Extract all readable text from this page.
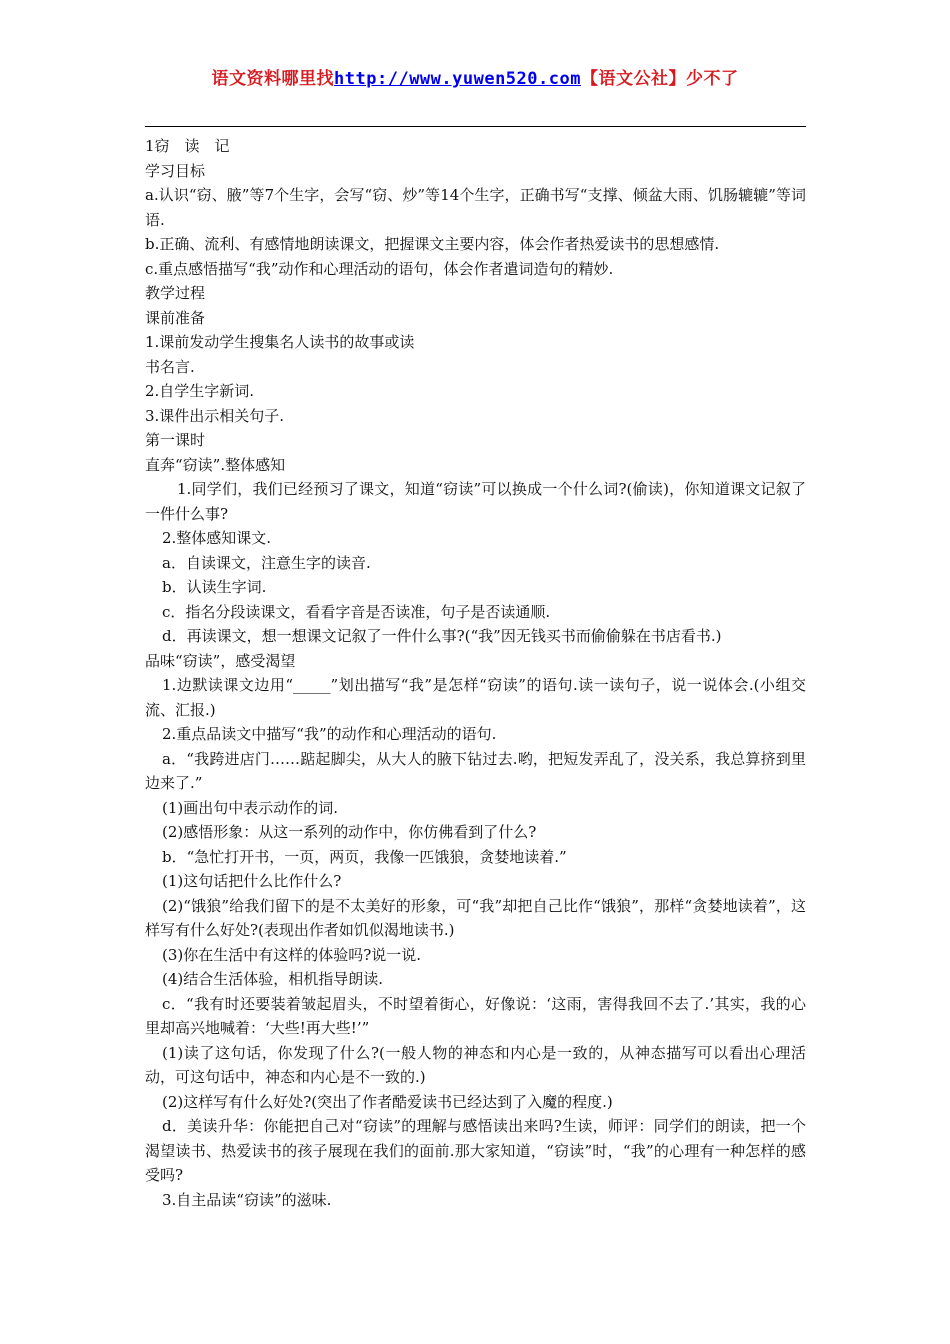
语文资料哪里找http://www.yuwen520.com【语文公社】少不了
1窃　读　记
学习目标
a.认识“窃、腋”等7个生字，会写“窃、炒”等14个生字，正确书写“支撑、倾盆大雨、饥肠辘辘”等词语.
b.正确、流利、有感情地朗读课文，把握课文主要内容，体会作者热爱读书的思想感情.
c.重点感悟描写“我”动作和心理活动的语句，体会作者遣词造句的精妙.
教学过程
课前准备
1.课前发动学生搜集名人读书的故事或读
书名言.
2.自学生字新词.
3.课件出示相关句子.
第一课时
直奔“窃读”.整体感知
1.同学们，我们已经预习了课文，知道“窃读”可以换成一个什么词?(偷读)，你知道课文记叙了一件什么事?
2.整体感知课文.
a．自读课文，注意生字的读音.
b．认读生字词.
c．指名分段读课文，看看字音是否读准，句子是否读通顺.
d．再读课文，想一想课文记叙了一件什么事?(“我”因无钱买书而偷偷躲在书店看书.)
品味“窃读”，感受渴望
1.边默读课文边用“_____”划出描写“我”是怎样“窃读”的语句.读一读句子，说一说体会.(小组交流、汇报.)
2.重点品读文中描写“我”的动作和心理活动的语句.
a．“我跨进店门……踮起脚尖，从大人的腋下钻过去.哟，把短发弄乱了，没关系，我总算挤到里边来了.”
(1)画出句中表示动作的词.
(2)感悟形象：从这一系列的动作中，你仿佛看到了什么?
b．“急忙打开书，一页，两页，我像一匹饿狼，贪婪地读着.”
(1)这句话把什么比作什么?
(2)“饿狼”给我们留下的是不太美好的形象，可“我”却把自己比作“饿狼”，那样“贪婪地读着”，这样写有什么好处?(表现出作者如饥似渴地读书.)
(3)你在生活中有这样的体验吗?说一说.
(4)结合生活体验，相机指导朗读.
c．“我有时还要装着皱起眉头，不时望着街心，好像说：‘这雨，害得我回不去了.’其实，我的心里却高兴地喊着：‘大些!再大些!’”
(1)读了这句话，你发现了什么?(一般人物的神态和内心是一致的，从神态描写可以看出心理活动，可这句话中，神态和内心是不一致的.)
(2)这样写有什么好处?(突出了作者酷爱读书已经达到了入魔的程度.)
d．美读升华：你能把自己对“窃读”的理解与感悟读出来吗?生读，师评：同学们的朗读，把一个渴望读书、热爱读书的孩子展现在我们的面前.那大家知道，“窃读”时，“我”的心理有一种怎样的感受吗?
3.自主品读“窃读”的滋味.
